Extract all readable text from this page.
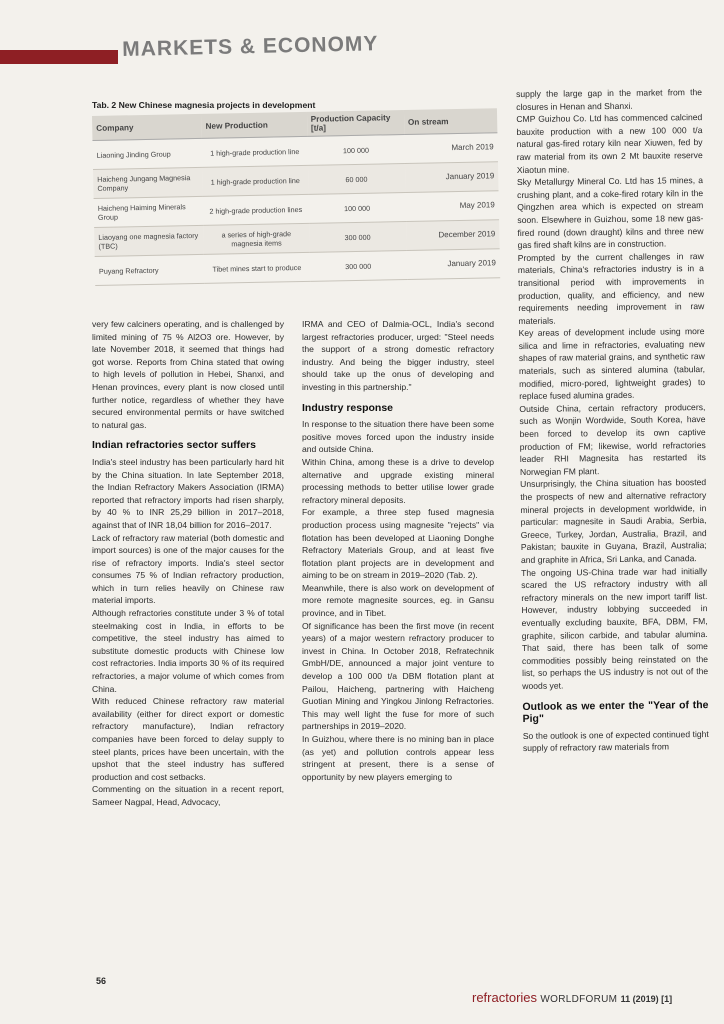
MARKETS & ECONOMY
Tab. 2 New Chinese magnesia projects in development
Company	New Production	Production Capacity [t/a]	On stream
Liaoning Jinding Group	1 high-grade production line	100 000	March 2019
Haicheng Jungang Magnesia Company	1 high-grade production line	60 000	January 2019
Haicheng Haiming Minerals Group	2 high-grade production lines	100 000	May 2019
Liaoyang one magnesia factory (TBC)	a series of high-grade magnesia items	300 000	December 2019
Puyang Refractory	Tibet mines start to produce	300 000	January 2019

very few calciners operating, and is challenged by limited mining of 75 % Al2O3 ore. However, by late November 2018, it seemed that things had got worse. Reports from China stated that owing to high levels of pollution in Hebei, Shanxi, and Henan provinces, every plant is now closed until further notice, regardless of whether they have secured environmental permits or have switched to natural gas.

Indian refractories sector suffers

India's steel industry has been particularly hard hit by the China situation. In late September 2018, the Indian Refractory Makers Association (IRMA) reported that refractory imports had risen sharply, by 40 % to INR 25,29 billion in 2017–2018, against that of INR 18,04 billion for 2016–2017.

Lack of refractory raw material (both domestic and import sources) is one of the major causes for the rise of refractory imports. India's steel sector consumes 75 % of Indian refractory production, which in turn relies heavily on Chinese raw material imports.

Although refractories constitute under 3 % of total steelmaking cost in India, in efforts to be competitive, the steel industry has aimed to substitute domestic products with Chinese low cost refractories. India imports 30 % of its required refractories, a major volume of which comes from China.

With reduced Chinese refractory raw material availability (either for direct export or domestic refractory manufacture), Indian refractory companies have been forced to delay supply to steel plants, prices have been uncertain, with the upshot that the steel industry has suffered production and cost setbacks.

Commenting on the situation in a recent report, Sameer Nagpal, Head, Advocacy,

IRMA and CEO of Dalmia-OCL, India's second largest refractories producer, urged: "Steel needs the support of a strong domestic refractory industry. And being the bigger industry, steel should take up the onus of developing and investing in this partnership."

Industry response

In response to the situation there have been some positive moves forced upon the industry inside and outside China.

Within China, among these is a drive to develop alternative and upgrade existing mineral processing methods to better utilise lower grade refractory mineral deposits.

For example, a three step fused magnesia production process using magnesite "rejects" via flotation has been developed at Liaoning Donghe Refractory Materials Group, and at least five flotation plant projects are in development and aiming to be on stream in 2019–2020 (Tab. 2).

Meanwhile, there is also work on development of more remote magnesite sources, eg. in Gansu province, and in Tibet.

Of significance has been the first move (in recent years) of a major western refractory producer to invest in China. In October 2018, Refratechnik GmbH/DE, announced a major joint venture to develop a 100 000 t/a DBM flotation plant at Pailou, Haicheng, partnering with Haicheng Guotian Mining and Yingkou Jinlong Refractories. This may well light the fuse for more of such partnerships in 2019–2020.

In Guizhou, where there is no mining ban in place (as yet) and pollution controls appear less stringent at present, there is a sense of opportunity by new players emerging to

supply the large gap in the market from the closures in Henan and Shanxi.

CMP Guizhou Co. Ltd has commenced calcined bauxite production with a new 100 000 t/a natural gas-fired rotary kiln near Xiuwen, fed by raw material from its own 2 Mt bauxite reserve Xiaotun mine.

Sky Metallurgy Mineral Co. Ltd has 15 mines, a crushing plant, and a coke-fired rotary kiln in the Qingzhen area which is expected on stream soon. Elsewhere in Guizhou, some 18 new gas-fired round (down draught) kilns and three new gas fired shaft kilns are in construction.

Prompted by the current challenges in raw materials, China's refractories industry is in a transitional period with improvements in production, quality, and efficiency, and new requirements needing improvement in raw materials.

Key areas of development include using more silica and lime in refractories, evaluating new shapes of raw material grains, and synthetic raw materials, such as sintered alumina (tabular, modified, micro-pored, lightweight grades) to replace fused alumina grades.

Outside China, certain refractory producers, such as Wonjin Wordwide, South Korea, have been forced to develop its own captive production of FM; likewise, world refractories leader RHI Magnesita has restarted its Norwegian FM plant.

Unsurprisingly, the China situation has boosted the prospects of new and alternative refractory mineral projects in development worldwide, in particular: magnesite in Saudi Arabia, Serbia, Greece, Turkey, Jordan, Australia, Brazil, and Pakistan; bauxite in Guyana, Brazil, Australia; and graphite in Africa, Sri Lanka, and Canada.

The ongoing US-China trade war had initially scared the US refractory industry with all refractory minerals on the new import tariff list. However, industry lobbying succeeded in eventually excluding bauxite, BFA, DBM, FM, graphite, silicon carbide, and tabular alumina. That said, there has been talk of some commodities possibly being reinstated on the list, so perhaps the US industry is not out of the woods yet.

Outlook as we enter the "Year of the Pig"

So the outlook is one of expected continued tight supply of refractory raw materials from

56
refractories WORLDFORUM 11 (2019) [1]
